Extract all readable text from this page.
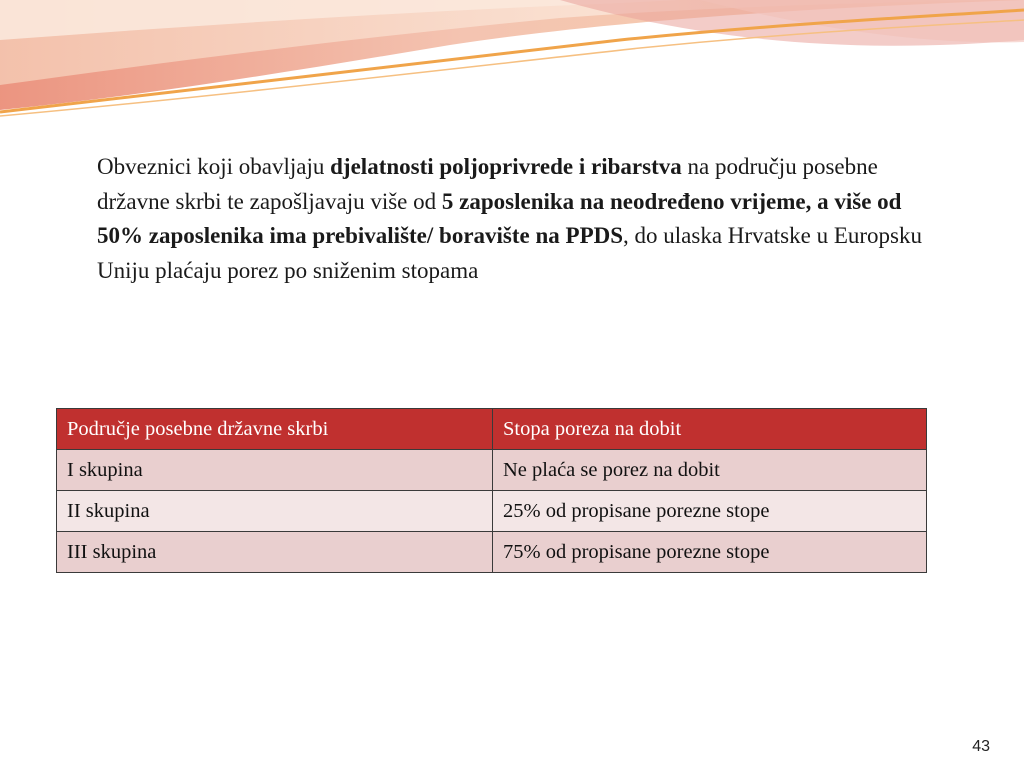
Obveznici koji obavljaju djelatnosti poljoprivrede i ribarstva na području posebne državne skrbi te zapošljavaju više od 5 zaposlenika na neodređeno vrijeme, a više od 50% zaposlenika ima prebivalište/ boravište na PPDS, do ulaska Hrvatske u Europsku Uniju plaćaju porez po sniženim stopama

Područje posebne državne skrbi	Stopa poreza na dobit
I skupina	Ne plaća se porez na dobit
II skupina	25% od propisane porezne stope
III skupina	75% od propisane porezne stope
43
